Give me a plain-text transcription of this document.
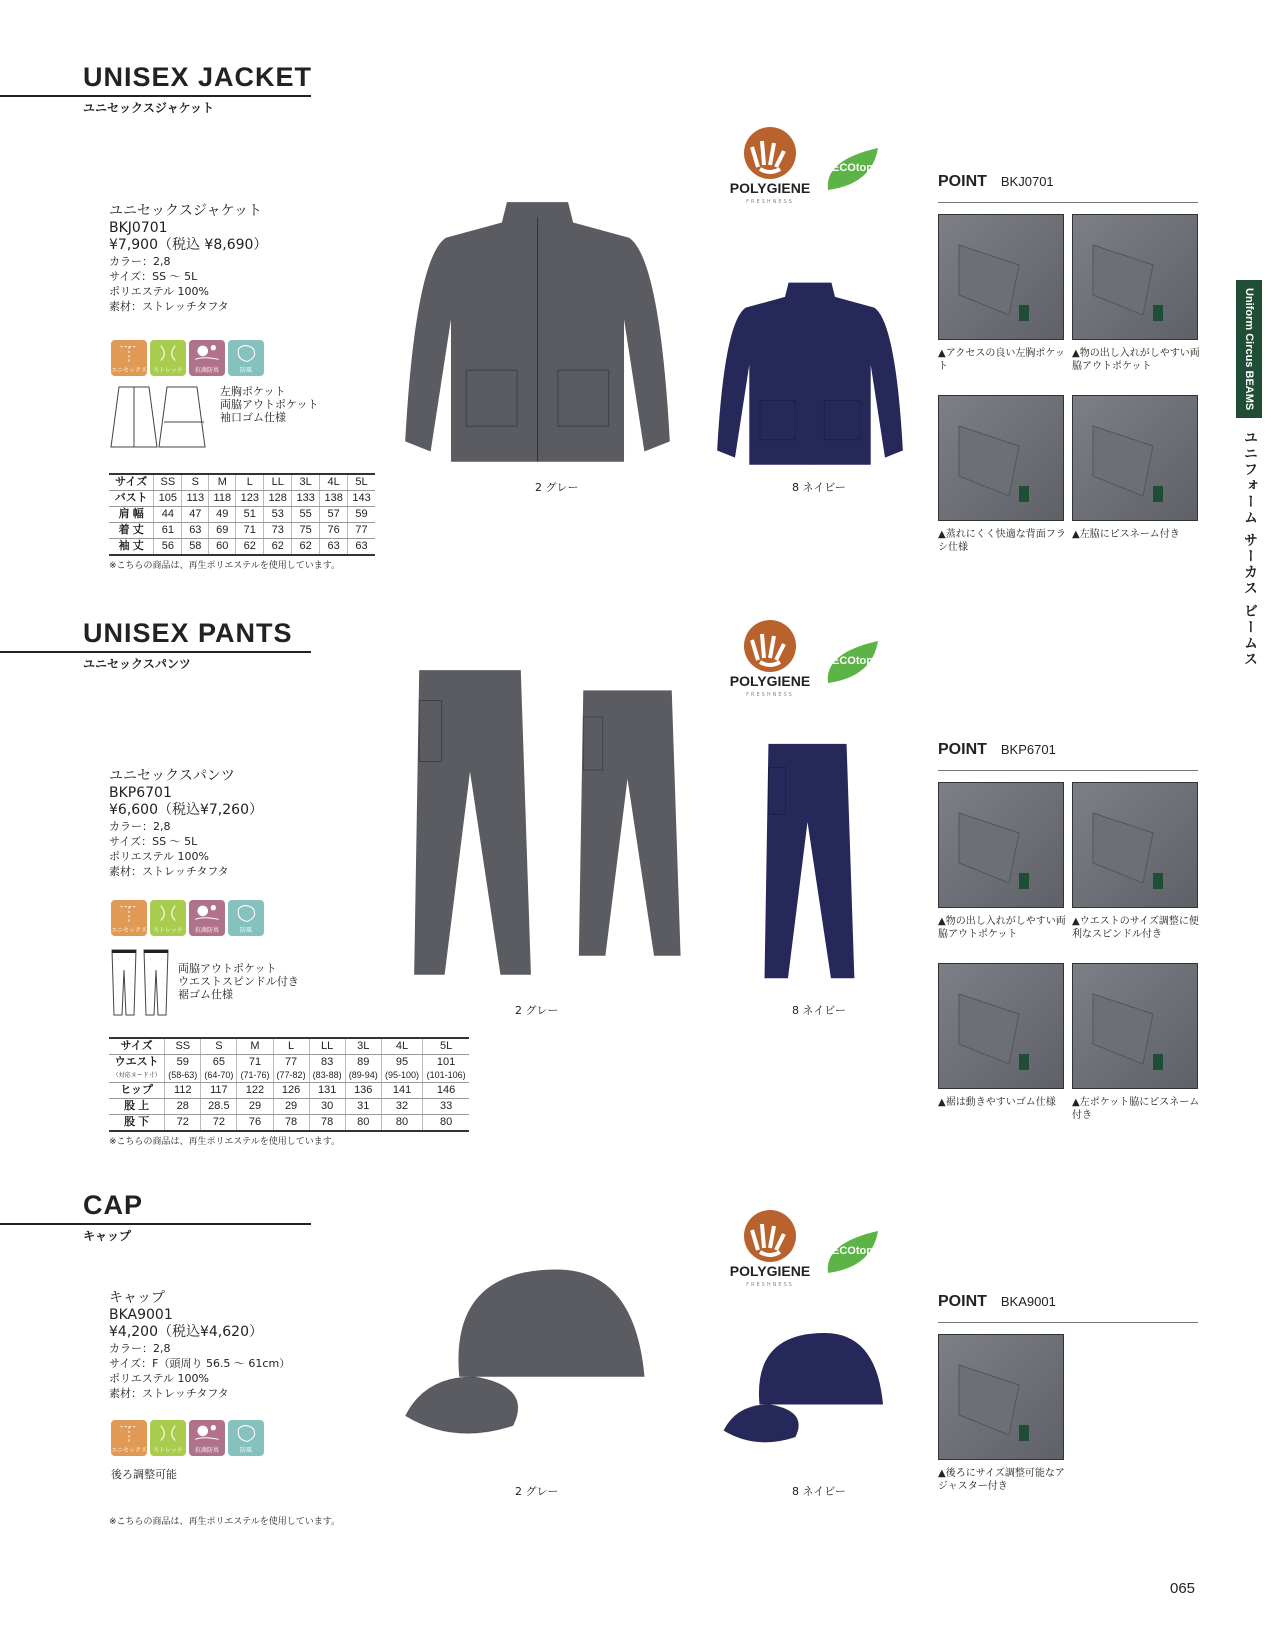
UNISEX JACKET
ユニセックスジャケット
ユニセックスジャケット
BKJ0701
¥7,900（税込 ¥8,690）
カラー：2,8
サイズ：SS ～ 5L
ポリエステル 100%
素材：ストレッチタフタ
ユニセックス	ストレッチ	抗菌防臭	防風
左胸ポケット
両脇アウトポケット
袖口ゴム仕様
サイズ	SS	S	M	L	LL	3L	4L	5L
バスト	105	113	118	123	128	133	138	143
肩 幅	44	47	49	51	53	55	57	59
着 丈	61	63	69	71	73	75	76	77
袖 丈	56	58	60	62	62	62	63	63
※こちらの商品は、再生ポリエステルを使用しています。
POLYGIENE
FRESHNESS
ECOtopia
POINT BKJ0701
▲アクセスの良い左胸ポケット
▲物の出し入れがしやすい両脇アウトポケット
▲蒸れにくく快適な背面フラシ仕様
▲左脇にピスネーム付き
UNISEX PANTS
ユニセックスパンツ
ユニセックスパンツ
BKP6701
¥6,600（税込¥7,260）
カラー：2,8
サイズ：SS ～ 5L
ポリエステル 100%
素材：ストレッチタフタ
ユニセックス	ストレッチ	抗菌防臭	防風
両脇アウトポケット
ウエストスピンドル付き
裾ゴム仕様
サイズ	SS	S	M	L	LL	3L	4L	5L
ウエスト	59	65	71	77	83	89	95	101
（対応ヌード寸）	(58-63)	(64-70)	(71-76)	(77-82)	(83-88)	(89-94)	(95-100)	(101-106)
ヒップ	112	117	122	126	131	136	141	146
股 上	28	28.5	29	29	30	31	32	33
股 下	72	72	76	78	78	80	80	80
※こちらの商品は、再生ポリエステルを使用しています。
POLYGIENE
FRESHNESS
ECOtopia
POINT BKP6701
▲物の出し入れがしやすい両脇アウトポケット
▲ウエストのサイズ調整に便利なスピンドル付き
▲裾は動きやすいゴム仕様	▲左ポケット脇にピスネーム付き
CAP
キャップ
キャップ
BKA9001
¥4,200（税込¥4,620）
カラー：2,8
サイズ：F（頭周り 56.5 ～ 61cm）
ポリエステル 100%
素材：ストレッチタフタ
ユニセックス	ストレッチ	抗菌防臭	防風
後ろ調整可能
※こちらの商品は、再生ポリエステルを使用しています。
POLYGIENE
FRESHNESS
ECOtopia
POINT BKA9001
▲後ろにサイズ調整可能なアジャスター付き
2 グレー	8 ネイビー
2 グレー	8 ネイビー
2 グレー	8 ネイビー
Uniform Circus BEAMS
ユニフォーム サーカス ビームス
065
